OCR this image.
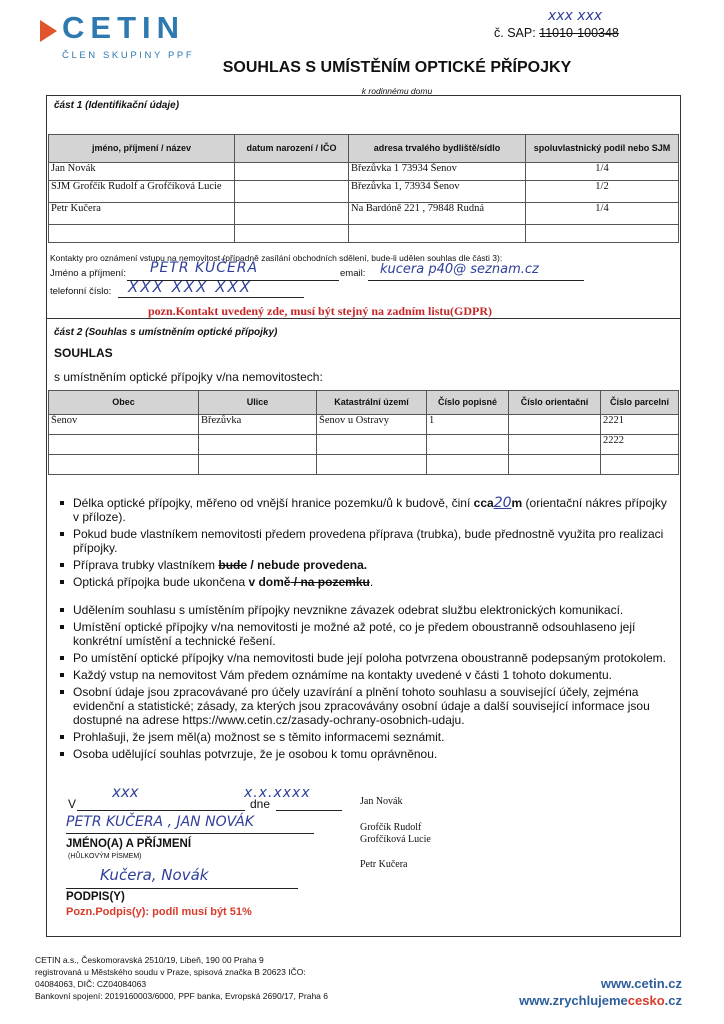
CETIN
ČLEN SKUPINY PPF
č. SAP: 11010-100348
xxx xxx
SOUHLAS S UMÍSTĚNÍM OPTICKÉ PŘÍPOJKY
k rodinnému domu
část 1 (Identifikační údaje)
jméno, příjmení / název	datum narození / IČO	adresa trvalého bydliště/sídlo	spoluvlastnický podíl nebo SJM
Jan Novák		Březůvka 1 73934 Šenov	1/4
SJM Grofčík Rudolf a Grofčíková Lucie		Březůvka 1, 73934 Šenov	1/2
Petr Kučera		Na Bardóně 221 , 79848 Rudná	1/4

Kontakty pro oznámení vstupu na nemovitost (případně zasílání obchodních sdělení, bude-li udělen souhlas dle části 3):
Jméno a příjmení: PETR KUČERA	email: kucera p40@ seznam.cz
telefonní číslo: XXX XXX XXX
pozn.Kontakt uvedený zde, musí být stejný na zadním listu(GDPR)
část 2 (Souhlas s umístněním optické přípojky)
SOUHLAS
s umístněním optické přípojky v/na nemovitostech:
Obec	Ulice	Katastrální území	Číslo popisné	Číslo orientační	Číslo parcelní
Šenov	Březůvka	Šenov u Ostravy	1		2221
					2222

Délka optické přípojky, měřeno od vnější hranice pozemku/ů k budově, činí cca20m (orientační nákres přípojky v příloze).
Pokud bude vlastníkem nemovitosti předem provedena příprava (trubka), bude přednostně využita pro realizaci přípojky.
Příprava trubky vlastníkem bude / nebude provedena.
Optická přípojka bude ukončena v domě / na pozemku.
Udělením souhlasu s umístěním přípojky nevznikne závazek odebrat službu elektronických komunikací.
Umístění optické přípojky v/na nemovitosti je možné až poté, co je předem oboustranně odsouhlaseno její konkrétní umístění a technické řešení.
Po umístění optické přípojky v/na nemovitosti bude její poloha potvrzena oboustranně podepsaným protokolem.
Každý vstup na nemovitost Vám předem oznámíme na kontakty uvedené v části 1 tohoto dokumentu.
Osobní údaje jsou zpracovávané pro účely uzavírání a plnění tohoto souhlasu a související účely, zejména evidenční a statistické; zásady, za kterých jsou zpracovávány osobní údaje a další související informace jsou dostupné na adrese https://www.cetin.cz/zasady-ochrany-osobnich-udaju.
Prohlašuji, že jsem měl(a) možnost se s těmito informacemi seznámit.
Osoba udělující souhlas potvrzuje, že je osobou k tomu oprávněnou.
V
xxx
dne
x.x.xxxx
PETR KUČERA , JAN NOVÁK
JMÉNO(A) A PŘÍJMENÍ
(HŮLKOVÝM PÍSMEM)
Kučera, Novák
PODPIS(Y)
Pozn.Podpis(y): podíl musí být 51%
Jan Novák
Grofčík Rudolf
Grofčíková Lucie
Petr Kučera
CETIN a.s., Českomoravská 2510/19, Libeň, 190 00 Praha 9
registrovaná u Městského soudu v Praze, spisová značka B 20623 IČO:
04084063, DIČ: CZ04084063
Bankovní spojení: 2019160003/6000, PPF banka, Evropská 2690/17, Praha 6
www.cetin.cz
www.zrychlujemecesko.cz
